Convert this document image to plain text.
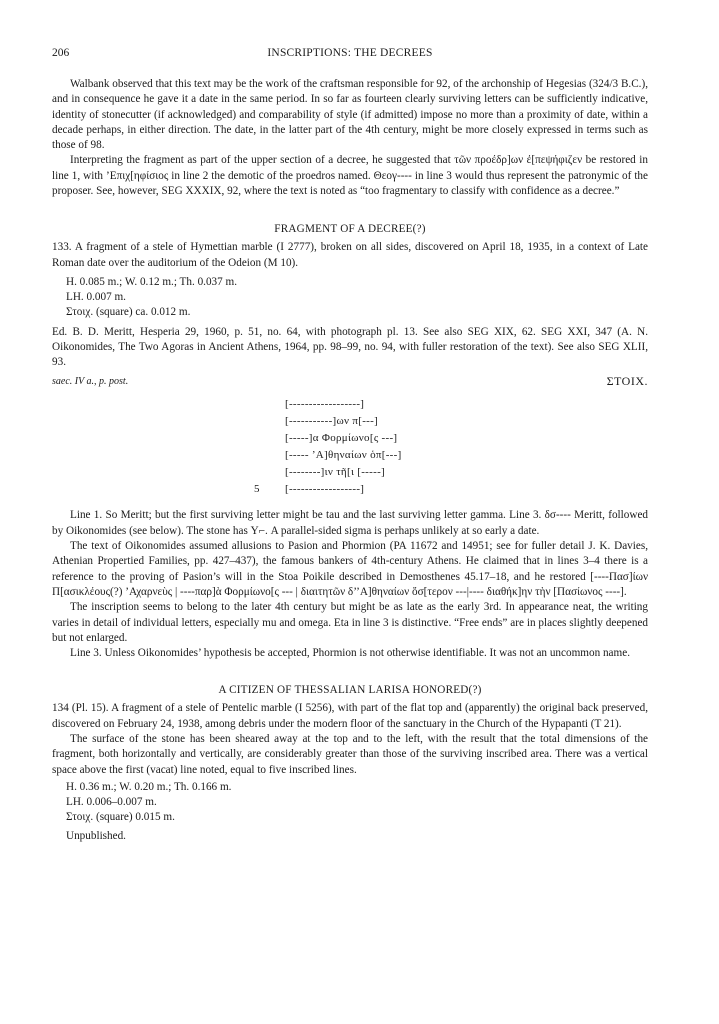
206	INSCRIPTIONS: THE DECREES

Walbank observed that this text may be the work of the craftsman responsible for 92, of the archonship of Hegesias (324/3 B.C.), and in consequence he gave it a date in the same period. In so far as fourteen clearly surviving letters can be sufficiently indicative, identity of stonecutter (if acknowledged) and comparability of style (if admitted) impose no more than a proximity of date, within a decade perhaps, in either direction. The date, in the latter part of the 4th century, might be more closely expressed in terms such as those of 98.

Interpreting the fragment as part of the upper section of a decree, he suggested that τῶν προέδρ]ων ἐ[πεψήφιζεν be restored in line 1, with ’Επιχ[ηφίσιος in line 2 the demotic of the proedros named. Θεογ---- in line 3 would thus represent the patronymic of the proposer. See, however, SEG XXXIX, 92, where the text is noted as “too fragmentary to classify with confidence as a decree.”

FRAGMENT OF A DECREE(?)

133. A fragment of a stele of Hymettian marble (I 2777), broken on all sides, discovered on April 18, 1935, in a context of Late Roman date over the auditorium of the Odeion (M 10).

H. 0.085 m.; W. 0.12 m.; Th. 0.037 m.
LH. 0.007 m.
Στοιχ. (square) ca. 0.012 m.

Ed. B. D. Meritt, Hesperia 29, 1960, p. 51, no. 64, with photograph pl. 13. See also SEG XIX, 62. SEG XXI, 347 (A. N. Oikonomides, The Two Agoras in Ancient Athens, 1964, pp. 98–99, no. 94, with fuller restoration of the text). See also SEG XLII, 93.

saec. IV a., p. post.	ΣΤΟΙΧ.
[------------------]
[-----------]ων π[---]
[-----]α Φορμίωνο[ς ---]
[----- ’Α]θηναίων ὁπ[---]
[--------]ιν τῆ[ι [-----]
5 [------------------]

Line 1. So Meritt; but the first surviving letter might be tau and the last surviving letter gamma. Line 3. δσ---- Meritt, followed by Oikonomides (see below). The stone has Υ⌐. A parallel-sided sigma is perhaps unlikely at so early a date.

The text of Oikonomides assumed allusions to Pasion and Phormion (PA 11672 and 14951; see for fuller detail J. K. Davies, Athenian Propertied Families, pp. 427–437), the famous bankers of 4th-century Athens. He claimed that in lines 3–4 there is a reference to the proving of Pasion’s will in the Stoa Poikile described in Demosthenes 45.17–18, and he restored [----Πασ]ίων Π[ασικλέους(?) ’Αχαρνεὺς | ----παρ]ὰ Φορμίωνο[ς --- | διαιτητῶν δ’’Α]θηναίων ὅσ[τερον ---|---- διαθήκ]ην τὴν [Πασίωνος ----].

The inscription seems to belong to the later 4th century but might be as late as the early 3rd. In appearance neat, the writing varies in detail of individual letters, especially mu and omega. Eta in line 3 is distinctive. “Free ends” are in places slightly deepened but not enlarged.

Line 3. Unless Oikonomides’ hypothesis be accepted, Phormion is not otherwise identifiable. It was not an uncommon name.

A CITIZEN OF THESSALIAN LARISA HONORED(?)

134 (Pl. 15). A fragment of a stele of Pentelic marble (I 5256), with part of the flat top and (apparently) the original back preserved, discovered on February 24, 1938, among debris under the modern floor of the sanctuary in the Church of the Hypapanti (T 21).

The surface of the stone has been sheared away at the top and to the left, with the result that the total dimensions of the fragment, both horizontally and vertically, are considerably greater than those of the surviving inscribed area. There was a vertical space above the first (vacat) line noted, equal to five inscribed lines.

H. 0.36 m.; W. 0.20 m.; Th. 0.166 m.
LH. 0.006–0.007 m.
Στοιχ. (square) 0.015 m.
Unpublished.
